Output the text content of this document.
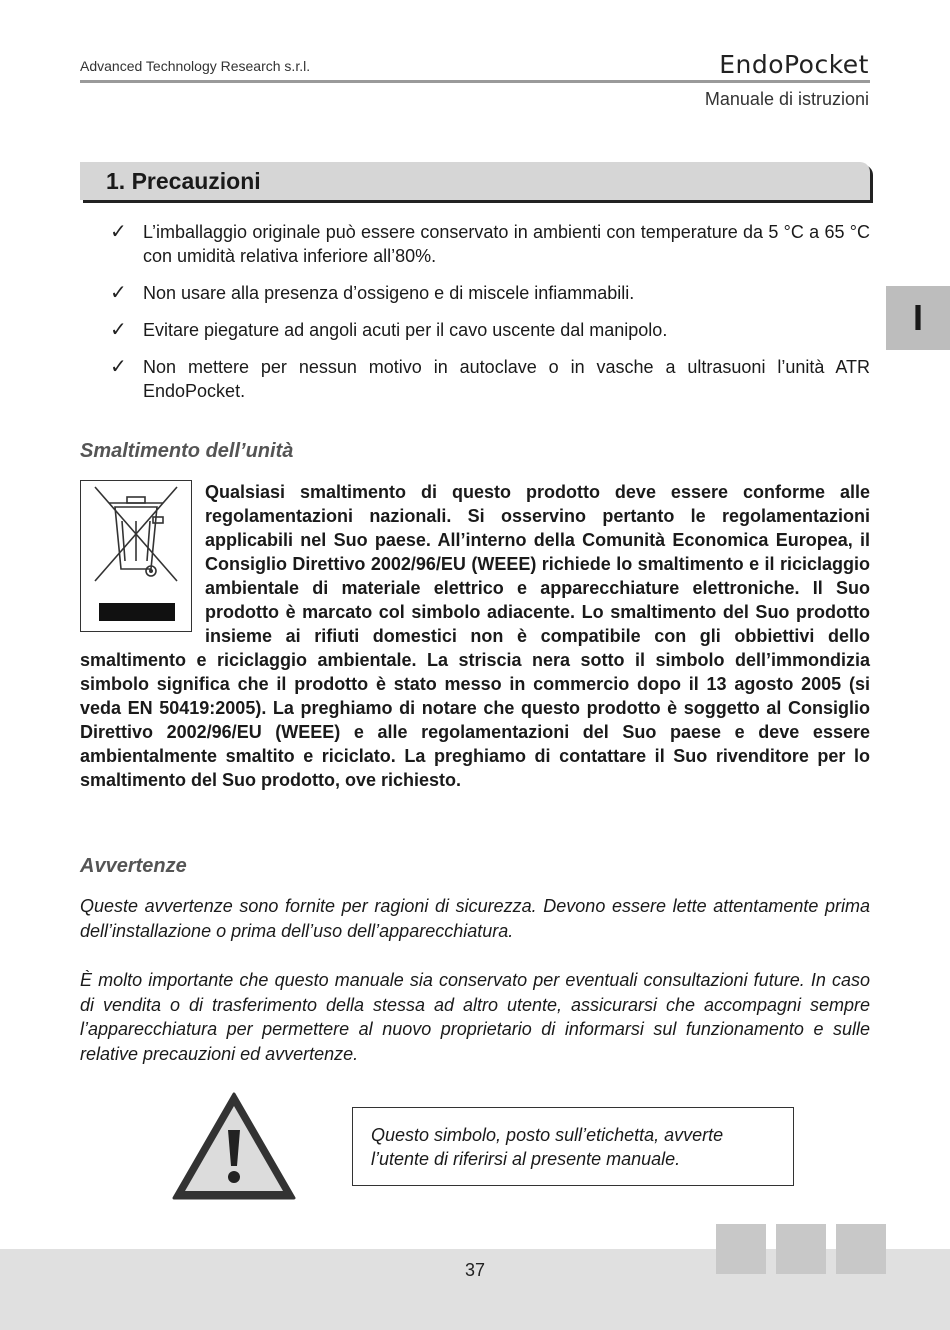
Advanced Technology Research s.r.l.	EndoPocket
Manuale di istruzioni
1. Precauzioni
✓ L’imballaggio originale può essere conservato in ambienti con temperature da 5 °C a 65 °C con umidità relativa inferiore all’80%.
✓ Non usare alla presenza d’ossigeno e di miscele infiammabili.
✓ Evitare piegature ad angoli acuti per il cavo uscente dal manipolo.
✓ Non mettere per nessun motivo in autoclave o in vasche a ultrasuoni l’unità ATR EndoPocket.
I
Smaltimento dell’unità

Qualsiasi smaltimento di questo prodotto deve essere conforme alle regolamentazioni nazionali. Si osservino pertanto le regolamentazioni applicabili nel Suo paese. All’interno della Comunità Economica Europea, il Consiglio Direttivo 2002/96/EU (WEEE) richiede lo smaltimento e il riciclaggio ambientale di materiale elettrico e apparecchiature elettroniche. Il Suo prodotto è marcato col simbolo adiacente. Lo smaltimento del Suo prodotto insieme ai rifiuti domestici non è compatibile con gli obbiettivi dello smaltimento e riciclaggio ambientale. La striscia nera sotto il simbolo dell’immondizia simbolo significa che il prodotto è stato messo in commercio dopo il 13 agosto 2005 (si veda EN 50419:2005). La preghiamo di notare che questo prodotto è soggetto al Consiglio Direttivo 2002/96/EU (WEEE) e alle regolamentazioni del Suo paese e deve essere ambientalmente smaltito e riciclato. La preghiamo di contattare il Suo rivenditore per lo smaltimento del Suo prodotto, ove richiesto.

Avvertenze

Queste avvertenze sono fornite per ragioni di sicurezza. Devono essere lette attentamente prima dell’installazione o prima dell’uso dell’apparecchiatura.

È molto importante che questo manuale sia conservato per eventuali consultazioni future. In caso di vendita o di trasferimento della stessa ad altro utente, assicurarsi che accompagni sempre l’apparecchiatura per permettere al nuovo proprietario di informarsi sul funzionamento e sulle relative precauzioni ed avvertenze.

Questo simbolo, posto sull’etichetta, avverte l’utente di riferirsi al presente manuale.
37
